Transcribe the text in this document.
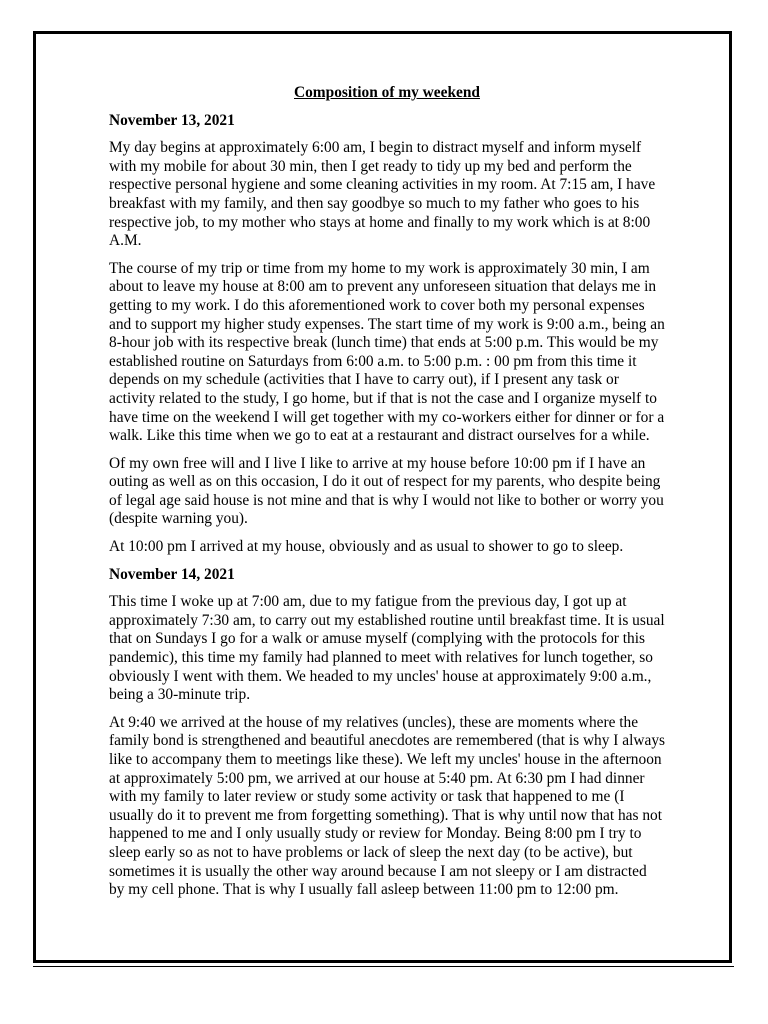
Composition of my weekend
November 13, 2021

My day begins at approximately 6:00 am, I begin to distract myself and inform myself with my mobile for about 30 min, then I get ready to tidy up my bed and perform the respective personal hygiene and some cleaning activities in my room. At 7:15 am, I have breakfast with my family, and then say goodbye so much to my father who goes to his respective job, to my mother who stays at home and finally to my work which is at 8:00 A.M.

The course of my trip or time from my home to my work is approximately 30 min, I am about to leave my house at 8:00 am to prevent any unforeseen situation that delays me in getting to my work. I do this aforementioned work to cover both my personal expenses and to support my higher study expenses. The start time of my work is 9:00 a.m., being an 8-hour job with its respective break (lunch time) that ends at 5:00 p.m. This would be my established routine on Saturdays from 6:00 a.m. to 5:00 p.m. : 00 pm from this time it depends on my schedule (activities that I have to carry out), if I present any task or activity related to the study, I go home, but if that is not the case and I organize myself to have time on the weekend I will get together with my co-workers either for dinner or for a walk. Like this time when we go to eat at a restaurant and distract ourselves for a while.

Of my own free will and I live I like to arrive at my house before 10:00 pm if I have an outing as well as on this occasion, I do it out of respect for my parents, who despite being of legal age said house is not mine and that is why I would not like to bother or worry you (despite warning you).

At 10:00 pm I arrived at my house, obviously and as usual to shower to go to sleep.

November 14, 2021

This time I woke up at 7:00 am, due to my fatigue from the previous day, I got up at approximately 7:30 am, to carry out my established routine until breakfast time. It is usual that on Sundays I go for a walk or amuse myself (complying with the protocols for this pandemic), this time my family had planned to meet with relatives for lunch together, so obviously I went with them. We headed to my uncles' house at approximately 9:00 a.m., being a 30-minute trip.

At 9:40 we arrived at the house of my relatives (uncles), these are moments where the family bond is strengthened and beautiful anecdotes are remembered (that is why I always like to accompany them to meetings like these). We left my uncles' house in the afternoon at approximately 5:00 pm, we arrived at our house at 5:40 pm. At 6:30 pm I had dinner with my family to later review or study some activity or task that happened to me (I usually do it to prevent me from forgetting something). That is why until now that has not happened to me and I only usually study or review for Monday. Being 8:00 pm I try to sleep early so as not to have problems or lack of sleep the next day (to be active), but sometimes it is usually the other way around because I am not sleepy or I am distracted by my cell phone. That is why I usually fall asleep between 11:00 pm to 12:00 pm.
